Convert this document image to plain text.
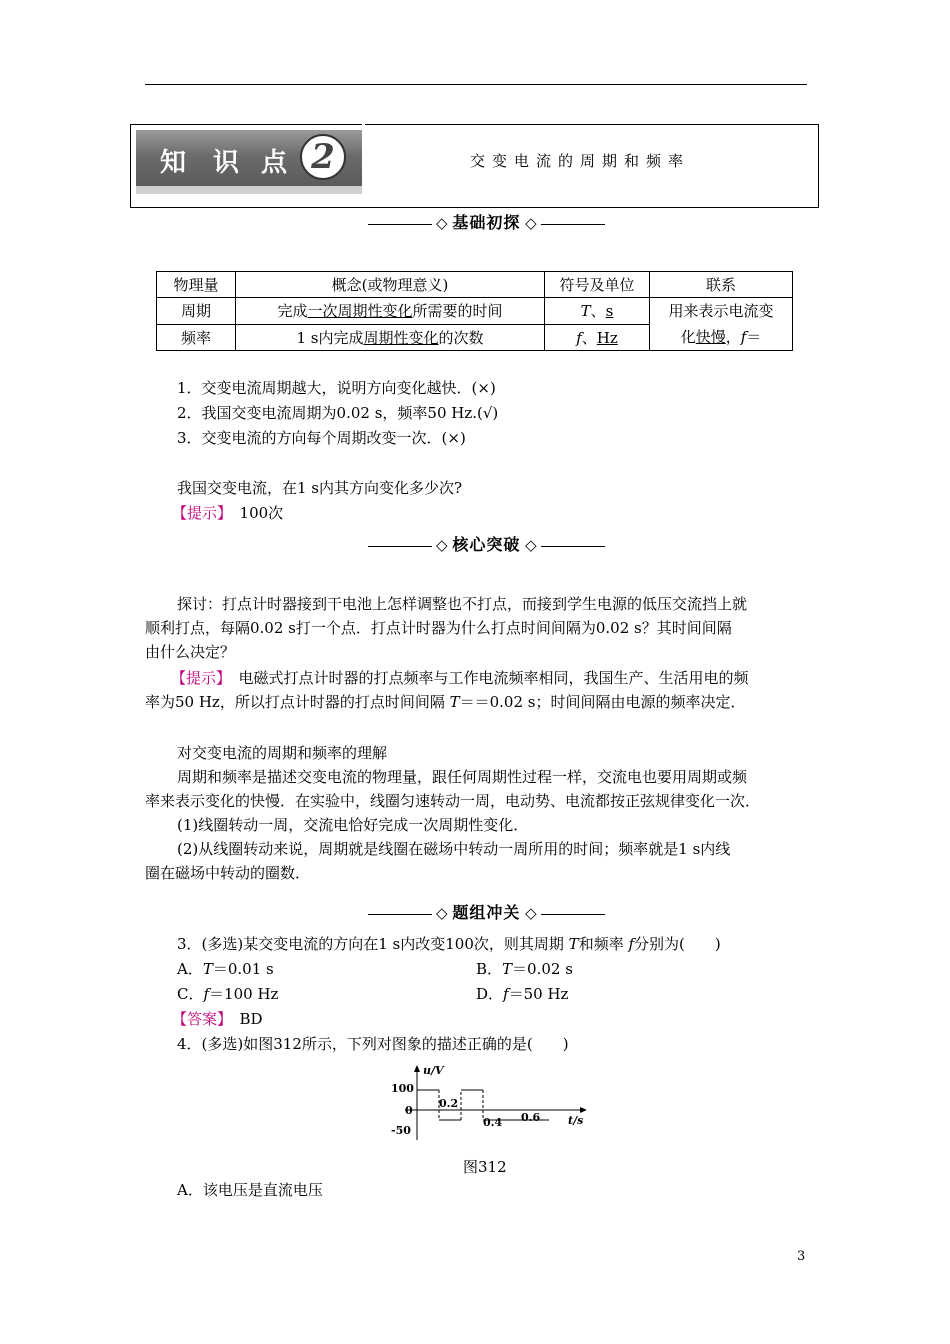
知 识 点 2	交变电流的周期和频率
◇ 基础初探 ◇
物理量	概念(或物理意义)	符号及单位	联系
周期	完成一次周期性变化所需要的时间	T、s	用来表示电流变
化快慢，f＝
频率	1 s内完成周期性变化的次数	f、Hz	
1．交变电流周期越大，说明方向变化越快．(×)
2．我国交变电流周期为0.02 s，频率50 Hz.(√)
3．交变电流的方向每个周期改变一次．(×)
我国交变电流，在1 s内其方向变化多少次?
【提示】　 100次
◇ 核心突破 ◇
探讨：打点计时器接到干电池上怎样调整也不打点，而接到学生电源的低压交流挡上就
顺利打点，每隔0.02 s打一个点．打点计时器为什么打点时间间隔为0.02 s？其时间间隔
由什么决定？
【提示】　 电磁式打点计时器的打点频率与工作电流频率相同，我国生产、生活用电的频
率为50 Hz，所以打点计时器的打点时间间隔 T＝＝0.02 s；时间间隔由电源的频率决定．
对交变电流的周期和频率的理解
周期和频率是描述交变电流的物理量，跟任何周期性过程一样，交流电也要用周期或频
率来表示变化的快慢．在实验中，线圈匀速转动一周，电动势、电流都按正弦规律变化一次．
(1)线圈转动一周，交流电恰好完成一次周期性变化．
(2)从线圈转动来说，周期就是线圈在磁场中转动一周所用的时间；频率就是1 s内线
圈在磁场中转动的圈数．
◇ 题组冲关 ◇
3．(多选)某交变电流的方向在1 s内改变100次，则其周期 T和频率 f分别为(　　)
A．T＝0.01 s	B．T＝0.02 s
C．f＝100 Hz	D．f＝50 Hz
【答案】　 BD
4．(多选)如图312所示，下列对图象的描述正确的是(　　)
u/V
t/s
100
0
-50
0.2
0.4 0.6
图312
A．该电压是直流电压
3
